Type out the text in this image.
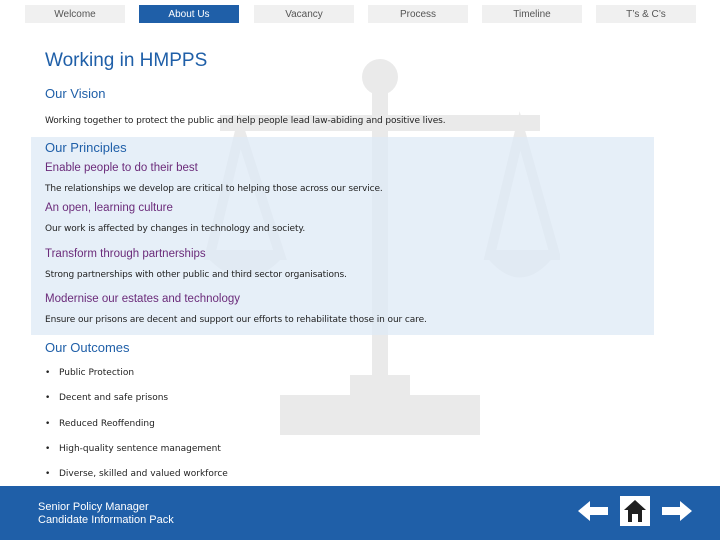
Welcome	About Us	Vacancy	Process	Timeline	T’s & C’s
Working in HMPPS
Our Vision
Working together to protect the public and help people lead law-abiding and positive lives.
Our Principles
Enable people to do their best
The relationships we develop are critical to helping those across our service.
An open, learning culture
Our work is affected by changes in technology and society.
Transform through partnerships
Strong partnerships with other public and third sector organisations.
Modernise our estates and technology
Ensure our prisons are decent and support our efforts to rehabilitate those in our care.
Our Outcomes
• Public Protection
• Decent and safe prisons
• Reduced Reoffending
• High-quality sentence management
• Diverse, skilled and valued workforce
Senior Policy Manager
Candidate Information Pack
